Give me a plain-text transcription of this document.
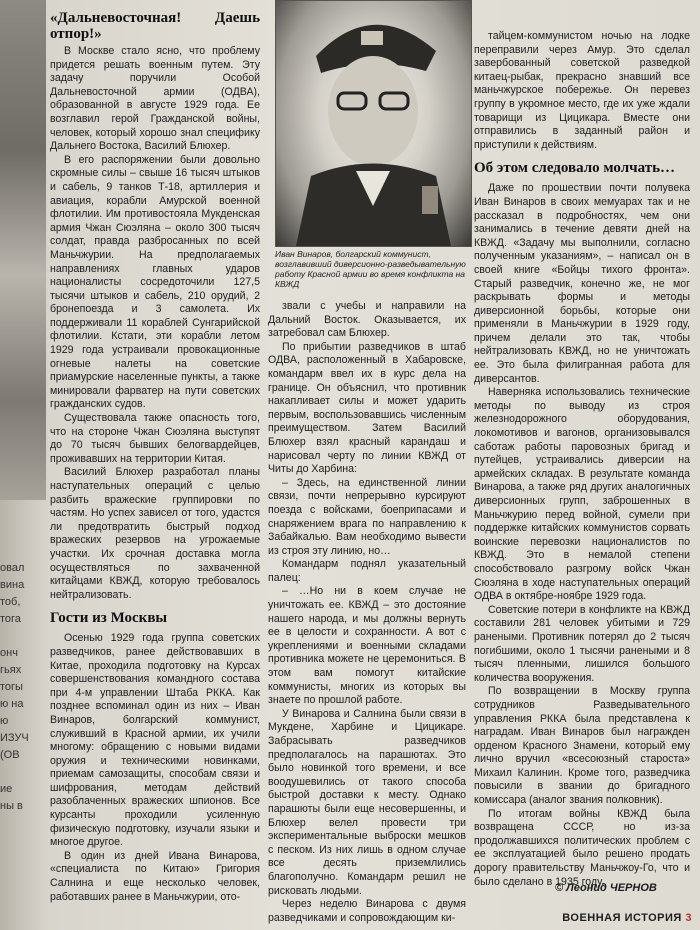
овал
вина
тоб,
тога

онч
гьях
тогы
ю на
ю
ИЗУЧ
(ОВ

ие
ны в
«Дальневосточная! Даешь отпор!»

В Москве стало ясно, что проблему придется решать военным путем. Эту задачу поручили Особой Дальневосточной армии (ОДВА), образованной в августе 1929 года. Ее возглавил герой Гражданской войны, человек, который хорошо знал специфику Дальнего Востока, Василий Блюхер.

В его распоряжении были довольно скромные силы – свыше 16 тысяч штыков и сабель, 9 танков Т-18, артиллерия и авиация, корабли Амурской военной флотилии. Им противостояла Мукденская армия Чжан Сюэляна – около 300 тысяч солдат, правда разбросанных по всей Маньчжурии. На предполагаемых направлениях главных ударов националисты сосредоточили 127,5 тысячи штыков и сабель, 210 орудий, 2 бронепоезда и 3 самолета. Их поддерживали 11 кораблей Сунгарийской флотилии. Кстати, эти корабли летом 1929 года устраивали провокационные огневые налеты на советские приамурские населенные пункты, а также минировали фарватер на пути советских гражданских судов.

Существовала также опасность того, что на стороне Чжан Сюэляна выступят до 70 тысяч бывших белогвардейцев, проживавших на территории Китая.

Василий Блюхер разработал планы наступательных операций с целью разбить вражеские группировки по частям. Но успех зависел от того, удастся ли предотвратить быстрый подход вражеских резервов на угрожаемые участки. Их срочная доставка могла осуществляться по захваченной китайцами КВЖД, которую требовалось нейтрализовать.

Гости из Москвы

Осенью 1929 года группа советских разведчиков, ранее действовавших в Китае, проходила подготовку на Курсах совершенствования командного состава при 4-м управлении Штаба РККА. Как позднее вспоминал один из них – Иван Винаров, болгарский коммунист, служивший в Красной армии, их учили многому: обращению с новыми видами оружия и техническими новинками, приемам самозащиты, способам связи и шифрования, методам действий разоблаченных вражеских шпионов. Все курсанты проходили усиленную физическую подготовку, изучали языки и многое другое.

В один из дней Ивана Винарова, «специалиста по Китаю» Григория Салнина и еще несколько человек, работавших ранее в Маньчжурии, ото-

Иван Винаров, болгарский коммунист, возглавивший диверсионно-разведывательную работу Красной армии во время конфликта на КВЖД

звали с учебы и направили на Дальний Восток. Оказывается, их затребовал сам Блюхер.

По прибытии разведчиков в штаб ОДВА, расположенный в Хабаровске, командарм ввел их в курс дела на границе. Он объяснил, что противник накапливает силы и может ударить первым, воспользовавшись численным преимуществом. Затем Василий Блюхер взял красный карандаш и нарисовал черту по линии КВЖД от Читы до Харбина:

– Здесь, на единственной линии связи, почти непрерывно курсируют поезда с войсками, боеприпасами и снаряжением врага по направлению к Забайкалью. Вам необходимо вывести из строя эту линию, но…

Командарм поднял указательный палец:

– …Но ни в коем случае не уничтожать ее. КВЖД – это достояние нашего народа, и мы должны вернуть ее в целости и сохранности. А вот с укреплениями и военными складами противника можете не церемониться. В этом вам помогут китайские коммунисты, многих из которых вы знаете по прошлой работе.

У Винарова и Салнина были связи в Мукдене, Харбине и Цицикаре. Забрасывать разведчиков предполагалось на парашютах. Это было новинкой того времени, и все воодушевились от такого способа быстрой доставки к месту. Однако парашюты были еще несовершенны, и Блюхер велел провести три экспериментальные выброски мешков с песком. Из них лишь в одном случае все десять приземлились благополучно. Командарм решил не рисковать людьми.

Через неделю Винарова с двумя разведчиками и сопровождающим ки-

тайцем-коммунистом ночью на лодке переправили через Амур. Это сделал завербованный советской разведкой китаец-рыбак, прекрасно знавший все маньчжурское побережье. Он перевез группу в укромное место, где их уже ждали товарищи из Цицикара. Вместе они отправились в заданный район и приступили к действиям.

Об этом следовало молчать…

Даже по прошествии почти полувека Иван Винаров в своих мемуарах так и не рассказал в подробностях, чем они занимались в течение девяти дней на КВЖД. «Задачу мы выполнили, согласно полученным указаниям», – написал он в своей книге «Бойцы тихого фронта». Старый разведчик, конечно же, не мог раскрывать формы и методы диверсионной борьбы, которые они применяли в Маньчжурии в 1929 году, причем делали это так, чтобы нейтрализовать КВЖД, но не уничтожать ее. Это была филигранная работа для диверсантов.

Наверняка использовались технические методы по выводу из строя железнодорожного оборудования, локомотивов и вагонов, организовывался саботаж работы паровозных бригад и путейцев, устраивались диверсии на армейских складах. В результате команда Винарова, а также ряд других аналогичных диверсионных групп, заброшенных в Маньчжурию перед войной, сумели при поддержке китайских коммунистов сорвать воинские перевозки националистов по КВЖД. Это в немалой степени способствовало разгрому войск Чжан Сюэляна в ходе наступательных операций ОДВА в октябре-ноябре 1929 года.

Советские потери в конфликте на КВЖД составили 281 человек убитыми и 729 ранеными. Противник потерял до 2 тысяч погибшими, около 1 тысячи ранеными и 8 тысяч пленными, лишился большого количества вооружения.

По возвращении в Москву группа сотрудников Разведывательного управления РККА была представлена к наградам. Иван Винаров был награжден орденом Красного Знамени, который ему лично вручил «всесоюзный староста» Михаил Калинин. Кроме того, разведчика повысили в звании до бригадного комиссара (аналог звания полковник).

По итогам войны КВЖД была возвращена СССР, но из-за продолжавшихся политических проблем с ее эксплуатацией было решено продать дорогу правительству Маньчжоу-Го, что и было сделано в 1935 году.

© Леонид ЧЕРНОВ
ВОЕННАЯ ИСТОРИЯ 3
